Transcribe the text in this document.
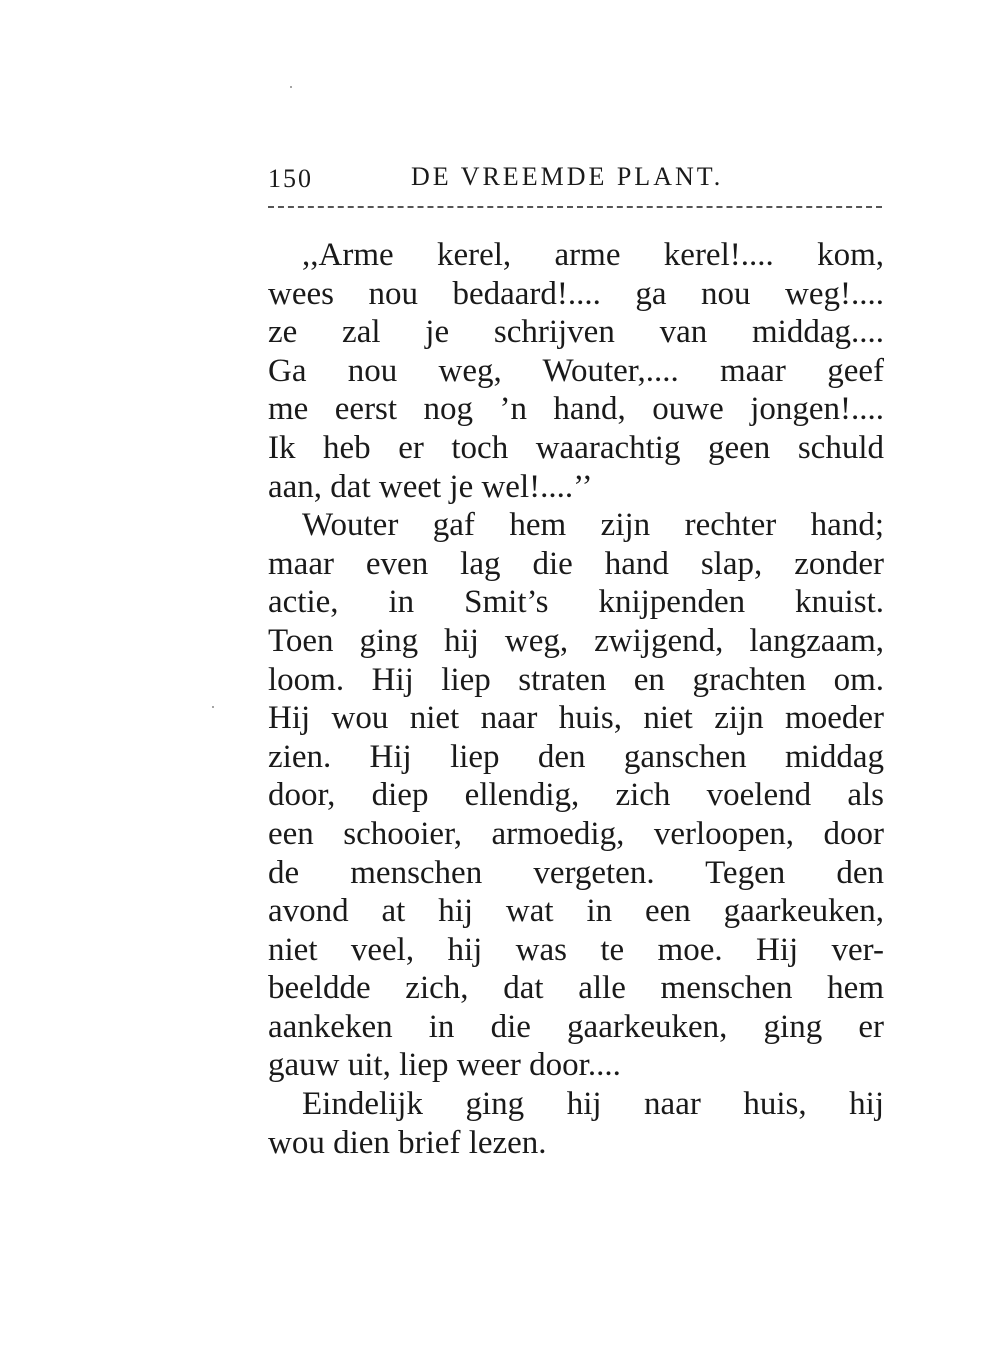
150	DE VREEMDE PLANT.
,,Arme kerel, arme kerel!.... kom,
wees nou bedaard!.... ga nou weg!....
ze zal je schrijven van middag....
Ga nou weg, Wouter,.... maar geef
me eerst nog ’n hand, ouwe jongen!....
Ik heb er toch waarachtig geen schuld
aan, dat weet je wel!....’’
Wouter gaf hem zijn rechter hand;
maar even lag die hand slap, zonder
actie, in Smit’s knijpenden knuist.
Toen ging hij weg, zwijgend, langzaam,
loom. Hij liep straten en grachten om.
Hij wou niet naar huis, niet zijn moeder
zien. Hij liep den ganschen middag
door, diep ellendig, zich voelend als
een schooier, armoedig, verloopen, door
de menschen vergeten. Tegen den
avond at hij wat in een gaarkeuken,
niet veel, hij was te moe. Hij ver-
beeldde zich, dat alle menschen hem
aankeken in die gaarkeuken, ging er
gauw uit, liep weer door....
Eindelijk ging hij naar huis, hij
wou dien brief lezen.
